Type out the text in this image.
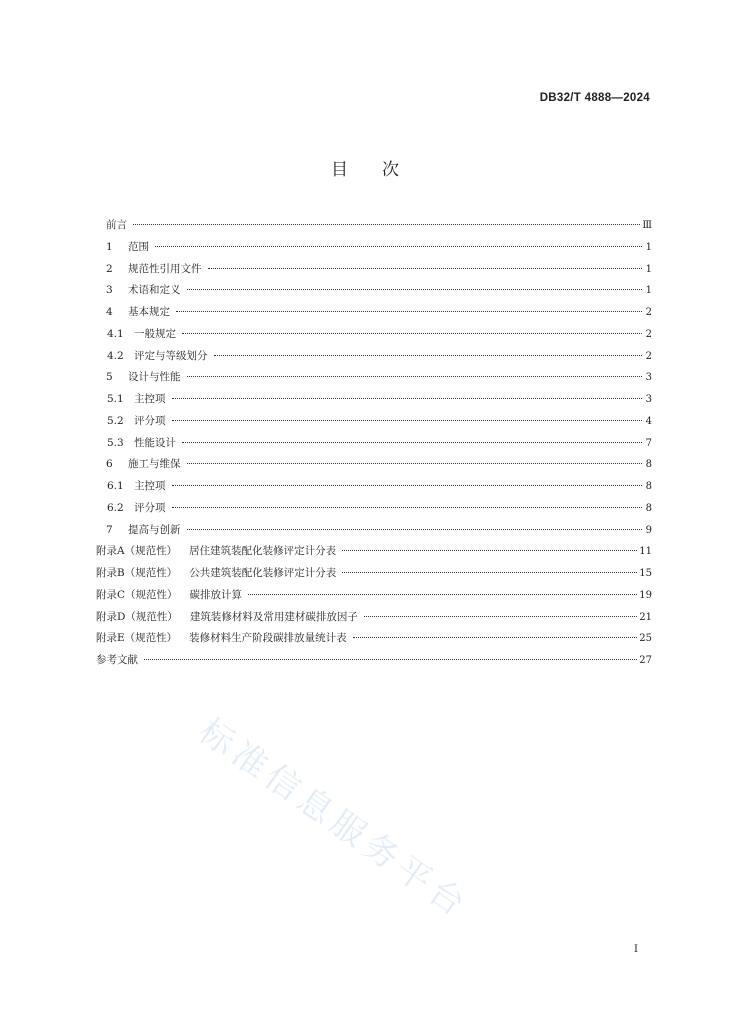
DB32/T 4888—2024
目次
前言	Ⅲ
1 范围	1
2 规范性引用文件	1
3 术语和定义	1
4 基本规定	2
4.1 一般规定	2
4.2 评定与等级划分	2
5 设计与性能	3
5.1 主控项	3
5.2 评分项	4
5.3 性能设计	7
6 施工与维保	8
6.1 主控项	8
6.2 评分项	8
7 提高与创新	9
附录A（规范性） 居住建筑装配化装修评定计分表	11
附录B（规范性） 公共建筑装配化装修评定计分表	15
附录C（规范性） 碳排放计算	19
附录D（规范性） 建筑装修材料及常用建材碳排放因子	21
附录E（规范性） 装修材料生产阶段碳排放量统计表	25
参考文献	27
标准信息服务平台
I
